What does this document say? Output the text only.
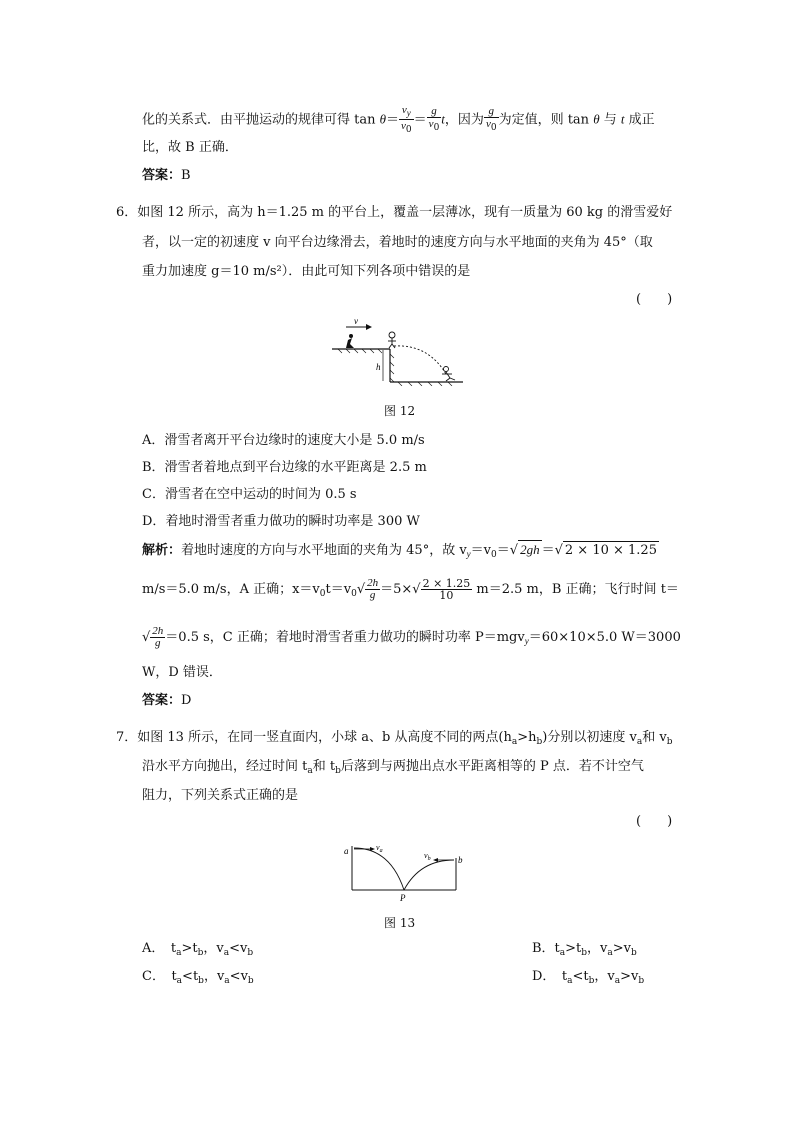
化的关系式．由平抛运动的规律可得 $\tan \theta= \frac{v_y}{v_0} = \frac{g}{v_0}$ t，因为 $\frac{g}{v_0}$ 为定值，则 tan θ 与 t 成正
比，故 B 正确．
答案：B
6．如图 12 所示，高为 h＝1.25 m 的平台上，覆盖一层薄冰，现有一质量为 60 kg 的滑雪爱好
者，以一定的初速度 v 向平台边缘滑去，着地时的速度方向与水平地面的夹角为 45°（取
重力加速度 g＝10 m/s²）．由此可知下列各项中错误的是
(　　)
v
h
图 12
A．滑雪者离开平台边缘时的速度大小是 5.0 m/s
B．滑雪者着地点到平台边缘的水平距离是 2.5 m
C．滑雪者在空中运动的时间为 0.5 s
D．着地时滑雪者重力做功的瞬时功率是 300 W
解析：着地时速度的方向与水平地面的夹角为 45°，故 $v_y=v_0=√$ 2gh ＝√ 2 × 10 × 1.25
m/s＝5.0 m/s，A 正确；$x=v_0t=v_0√ \frac{2h}{g} =5\times√ \frac{2 \times 1.25}{10} m=2.5$ m，B 正确；飞行时间 t＝
√ $\frac{2h}{g} =0.5$ s，C 正确；着地时滑雪者重力做功的瞬时功率 P＝mgv$_y$＝60×10×5.0 W＝3000
W，D 错误．
答案：D
7．如图 13 所示，在同一竖直面内，小球 a、b 从高度不同的两点$(h_a>h_b)$分别以初速度 $v_a$和 $v_b$
沿水平方向抛出，经过时间 $t_a$和 $t_b$后落到与两抛出点水平距离相等的 P 点．若不计空气
阻力，下列关系式正确的是
(　　)
a
b
$v_a$	$v_b$
P
图 13
A．　$t_a>t_b$，$v_a<v_b$	B．$t_a>t_b$，$v_a>v_b$
C．　$t_a<t_b$，$v_a<v_b$	D．　$t_a<t_b$，$v_a>v_b$
